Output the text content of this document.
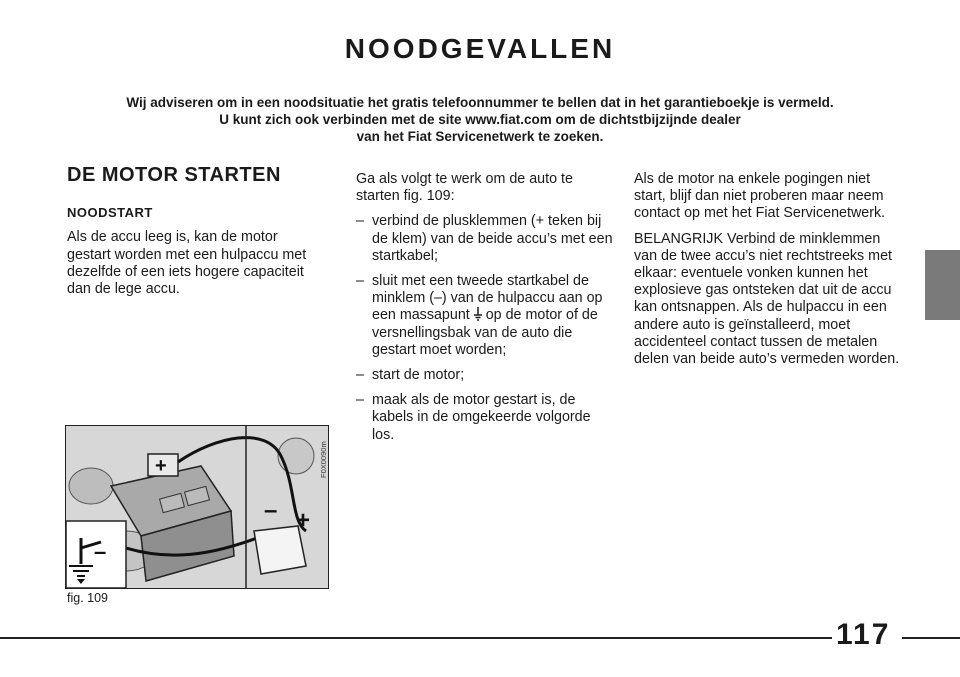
NOODGEVALLEN
Wij adviseren om in een noodsituatie het gratis telefoonnummer te bellen dat in het garantieboekje is vermeld.
U kunt zich ook verbinden met de site www.fiat.com om de dichtstbijzijnde dealer
van het Fiat Servicenetwerk te zoeken.
DE MOTOR STARTEN
NOODSTART

Als de accu leeg is, kan de motor gestart worden met een hulpaccu met dezelfde of een iets hogere capaciteit dan de lege accu.

Ga als volgt te werk om de auto te starten fig. 109:

– verbind de plusklemmen (+ teken bij de klem) van de beide accu’s met een startkabel;
– sluit met een tweede startkabel de minklem (–) van de hulpaccu aan op een massapunt op de motor of de versnellingsbak van de auto die gestart moet worden;
– start de motor;
– maak als de motor gestart is, de kabels in de omgekeerde volgorde los.

Als de motor na enkele pogingen niet start, blijf dan niet proberen maar neem contact op met het Fiat Servicenetwerk.

BELANGRIJK Verbind de minklemmen van de twee accu’s niet rechtstreeks met elkaar: eventuele vonken kunnen het explosieve gas ontsteken dat uit de accu kan ontsnappen. Als de hulpaccu in een andere auto is geïnstalleerd, moet accidenteel contact tussen de metalen delen van beide auto’s vermeden worden.

+
– +
–
F0X0090m
fig. 109
117
